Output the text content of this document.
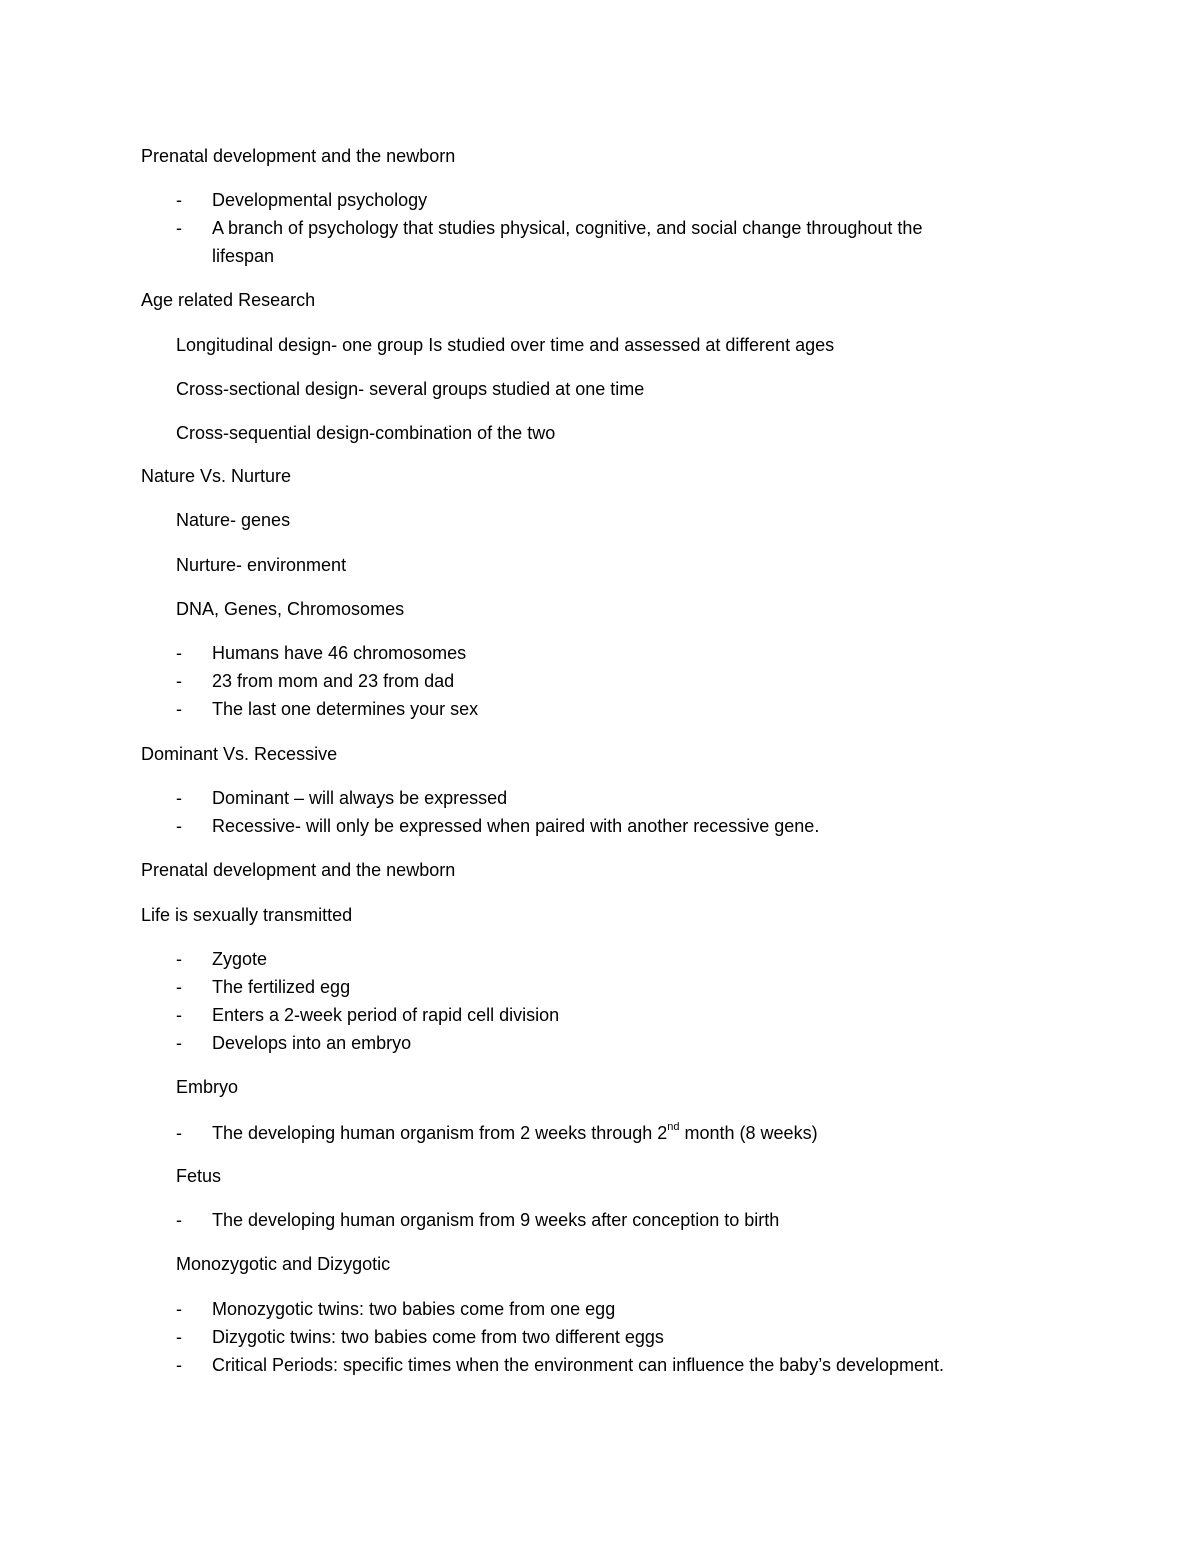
Prenatal development and the newborn
- Developmental psychology
- A branch of psychology that studies physical, cognitive, and social change throughout the
lifespan
Age related Research
Longitudinal design- one group Is studied over time and assessed at different ages
Cross-sectional design- several groups studied at one time
Cross-sequential design-combination of the two
Nature Vs. Nurture
Nature- genes
Nurture- environment
DNA, Genes, Chromosomes
- Humans have 46 chromosomes
- 23 from mom and 23 from dad
- The last one determines your sex
Dominant Vs. Recessive
- Dominant – will always be expressed
- Recessive- will only be expressed when paired with another recessive gene.
Prenatal development and the newborn
Life is sexually transmitted
- Zygote
- The fertilized egg
- Enters a 2-week period of rapid cell division
- Develops into an embryo
Embryo
- The developing human organism from 2 weeks through 2nd month (8 weeks)
Fetus
- The developing human organism from 9 weeks after conception to birth
Monozygotic and Dizygotic
- Monozygotic twins: two babies come from one egg
- Dizygotic twins: two babies come from two different eggs
- Critical Periods: specific times when the environment can influence the baby’s development.
